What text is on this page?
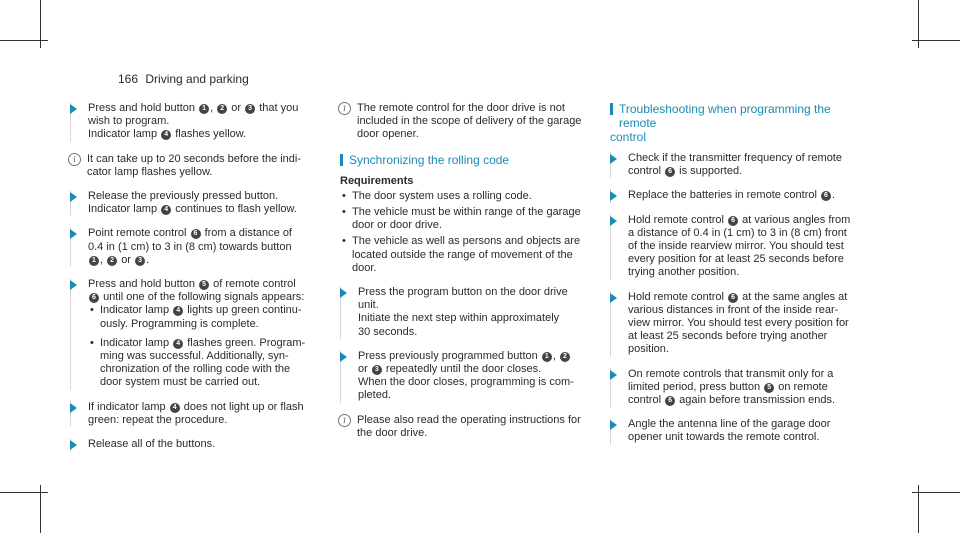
166 Driving and parking
Press and hold button 1 , 2 or 3 that you
wish to program.
Indicator lamp 4 flashes yellow.
i	It can take up to 20 seconds before the indi-
cator lamp flashes yellow.
Release the previously pressed button.
Indicator lamp 4 continues to flash yellow.
Point remote control 6 from a distance of
0.4 in (1 cm) to 3 in (8 cm) towards button
1 , 2 or 3 .
Press and hold button 5 of remote control
6 until one of the following signals appears:
• Indicator lamp 4 lights up green continu-
ously. Programming is complete.
• Indicator lamp 4 flashes green. Program-
ming was successful. Additionally, syn-
chronization of the rolling code with the
door system must be carried out.
If indicator lamp 4 does not light up or flash
green: repeat the procedure.
Release all of the buttons.
i	The remote control for the door drive is not
included in the scope of delivery of the garage
door opener.
Synchronizing the rolling code
Requirements
• The door system uses a rolling code.
• The vehicle must be within range of the garage
door or door drive.
• The vehicle as well as persons and objects are
located outside the range of movement of the
door.
Press the program button on the door drive
unit.
Initiate the next step within approximately
30 seconds.
Press previously programmed button 1 , 2
or 3 repeatedly until the door closes.
When the door closes, programming is com-
pleted.
i	Please also read the operating instructions for
the door drive.
Troubleshooting when programming the remote
control
Check if the transmitter frequency of remote
control 6 is supported.
Replace the batteries in remote control 6 .
Hold remote control 6 at various angles from
a distance of 0.4 in (1 cm) to 3 in (8 cm) front
of the inside rearview mirror. You should test
every position for at least 25 seconds before
trying another position.
Hold remote control 6 at the same angles at
various distances in front of the inside rear-
view mirror. You should test every position for
at least 25 seconds before trying another
position.
On remote controls that transmit only for a
limited period, press button 5 on remote
control 6 again before transmission ends.
Angle the antenna line of the garage door
opener unit towards the remote control.
